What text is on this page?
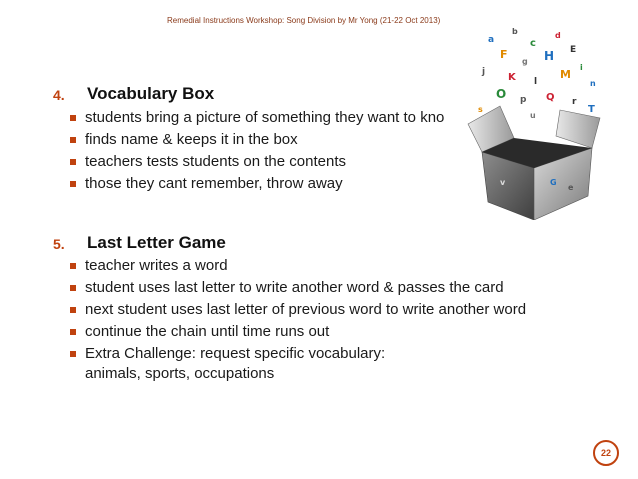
Remedial Instructions Workshop: Song Division by Mr Yong (21-22 Oct 2013)
4. Vocabulary Box
students bring a picture of something they want to kno
finds name & keeps it in the box
teachers tests students on the contents
those they cant remember, throw away
5. Last Letter Game
teacher writes a word
student uses last letter to write another word & passes the card
next student uses last letter of previous word to write another word
continue the chain until time runs out
Extra Challenge: request specific vocabulary:
animals, sports, occupations
a
b
c
d
E
F
g H
i
j K l
M
n
O p Q r
s	T
u
G
e
v
22
